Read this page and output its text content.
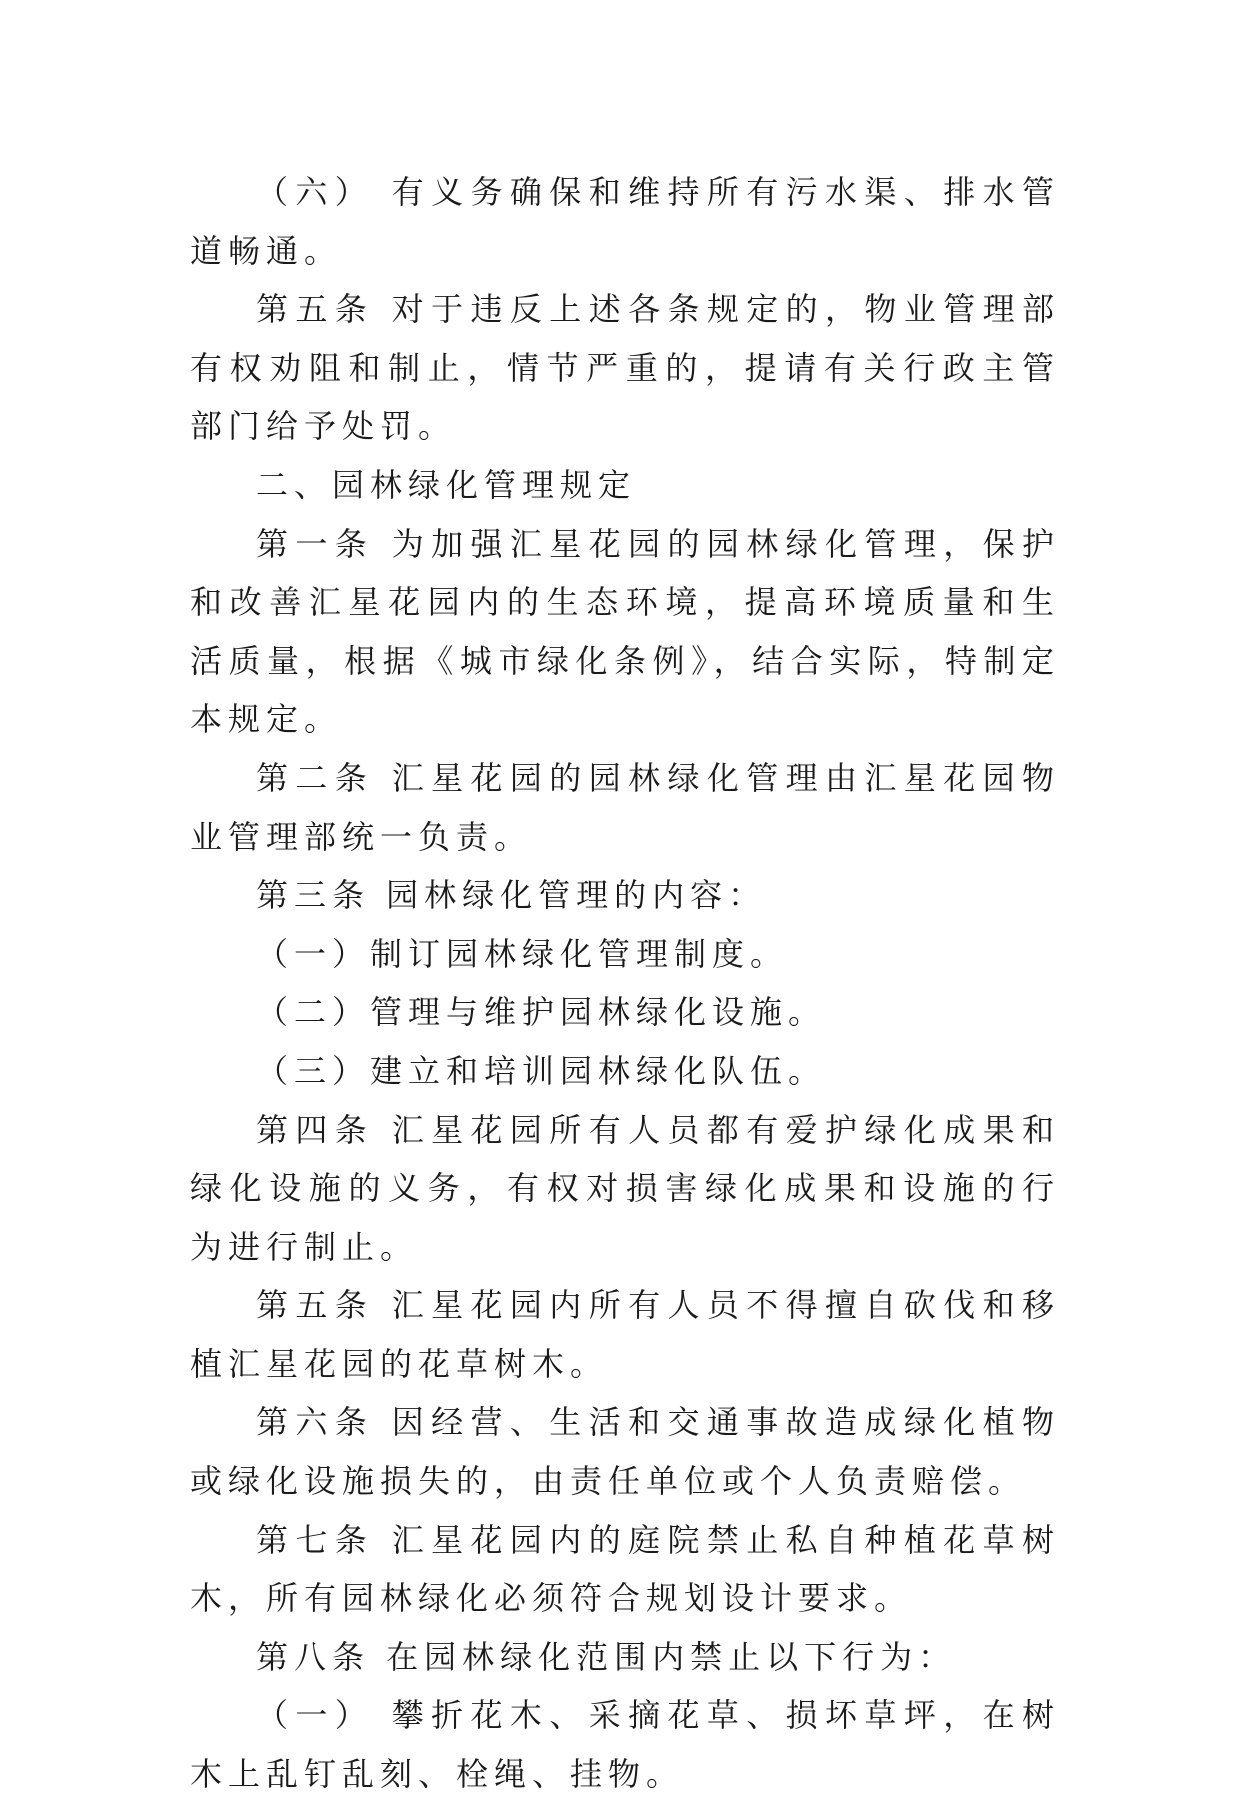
（六） 有义务确保和维持所有污水渠、排水管道畅通。

第五条 对于违反上述各条规定的，物业管理部有权劝阻和制止，情节严重的，提请有关行政主管部门给予处罚。

二、园林绿化管理规定

第一条 为加强汇星花园的园林绿化管理，保护和改善汇星花园内的生态环境，提高环境质量和生活质量，根据《城市绿化条例》，结合实际，特制定本规定。

第二条 汇星花园的园林绿化管理由汇星花园物业管理部统一负责。

第三条 园林绿化管理的内容：

（一）制订园林绿化管理制度。

（二）管理与维护园林绿化设施。

（三）建立和培训园林绿化队伍。

第四条 汇星花园所有人员都有爱护绿化成果和绿化设施的义务，有权对损害绿化成果和设施的行为进行制止。

第五条 汇星花园内所有人员不得擅自砍伐和移植汇星花园的花草树木。

第六条 因经营、生活和交通事故造成绿化植物或绿化设施损失的，由责任单位或个人负责赔偿。

第七条 汇星花园内的庭院禁止私自种植花草树木，所有园林绿化必须符合规划设计要求。

第八条 在园林绿化范围内禁止以下行为：

（一） 攀折花木、采摘花草、损坏草坪，在树木上乱钉乱刻、栓绳、挂物。
